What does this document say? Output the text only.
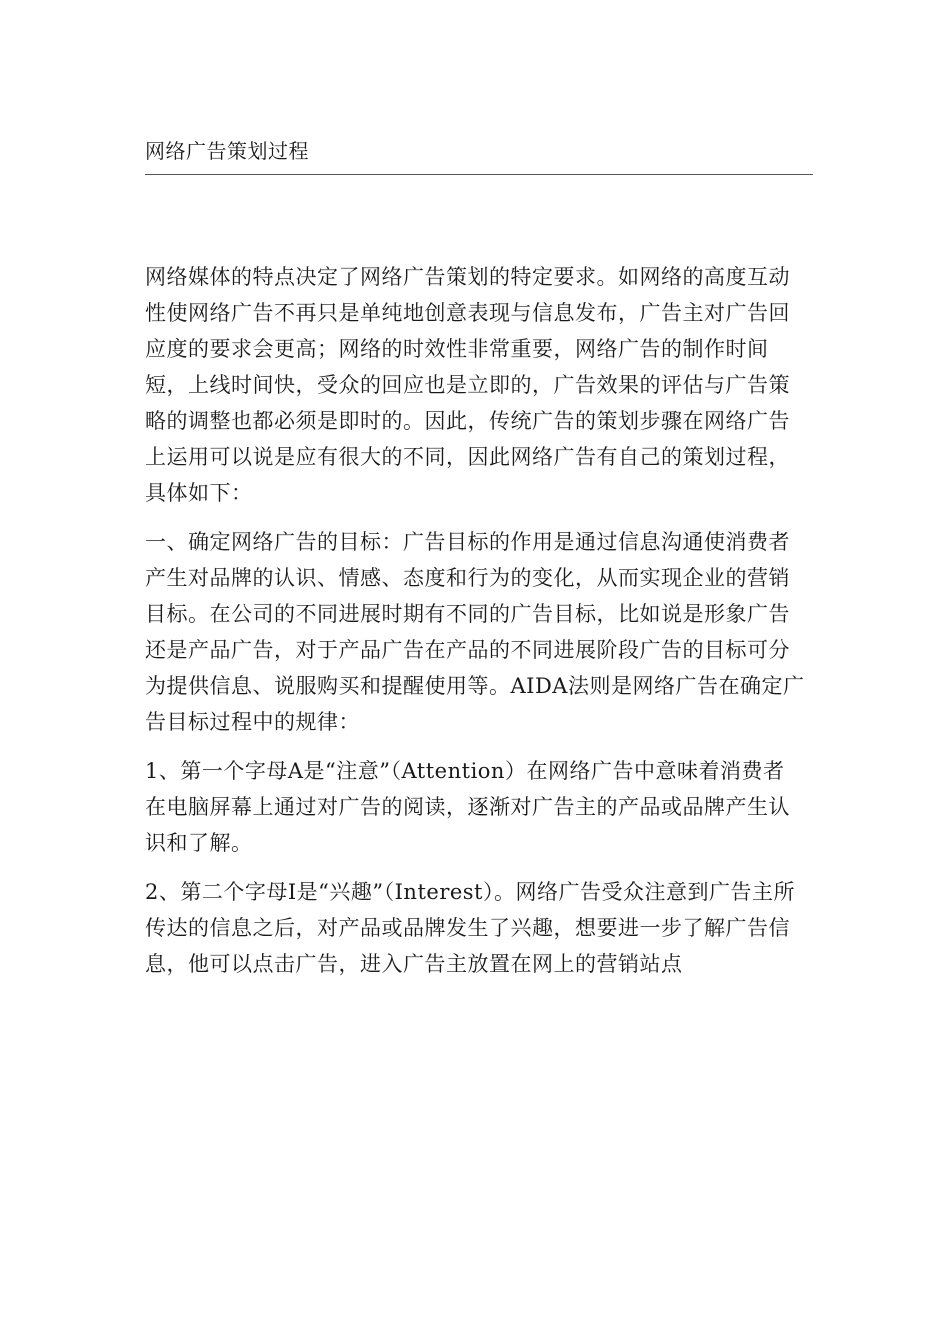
网络广告策划过程

网络媒体的特点决定了网络广告策划的特定要求。如网络的高度互动性使网络广告不再只是单纯地创意表现与信息发布，广告主对广告回应度的要求会更高；网络的时效性非常重要，网络广告的制作时间短，上线时间快，受众的回应也是立即的，广告效果的评估与广告策略的调整也都必须是即时的。因此，传统广告的策划步骤在网络广告上运用可以说是应有很大的不同，因此网络广告有自己的策划过程，具体如下：

一、确定网络广告的目标：广告目标的作用是通过信息沟通使消费者产生对品牌的认识、情感、态度和行为的变化，从而实现企业的营销目标。在公司的不同进展时期有不同的广告目标，比如说是形象广告还是产品广告，对于产品广告在产品的不同进展阶段广告的目标可分为提供信息、说服购买和提醒使用等。AIDA法则是网络广告在确定广告目标过程中的规律：

1、第一个字母A是“注意”（Attention）在网络广告中意味着消费者在电脑屏幕上通过对广告的阅读，逐渐对广告主的产品或品牌产生认识和了解。

2、第二个字母I是“兴趣”（Interest）。网络广告受众注意到广告主所传达的信息之后，对产品或品牌发生了兴趣，想要进一步了解广告信息，他可以点击广告，进入广告主放置在网上的营销站点
